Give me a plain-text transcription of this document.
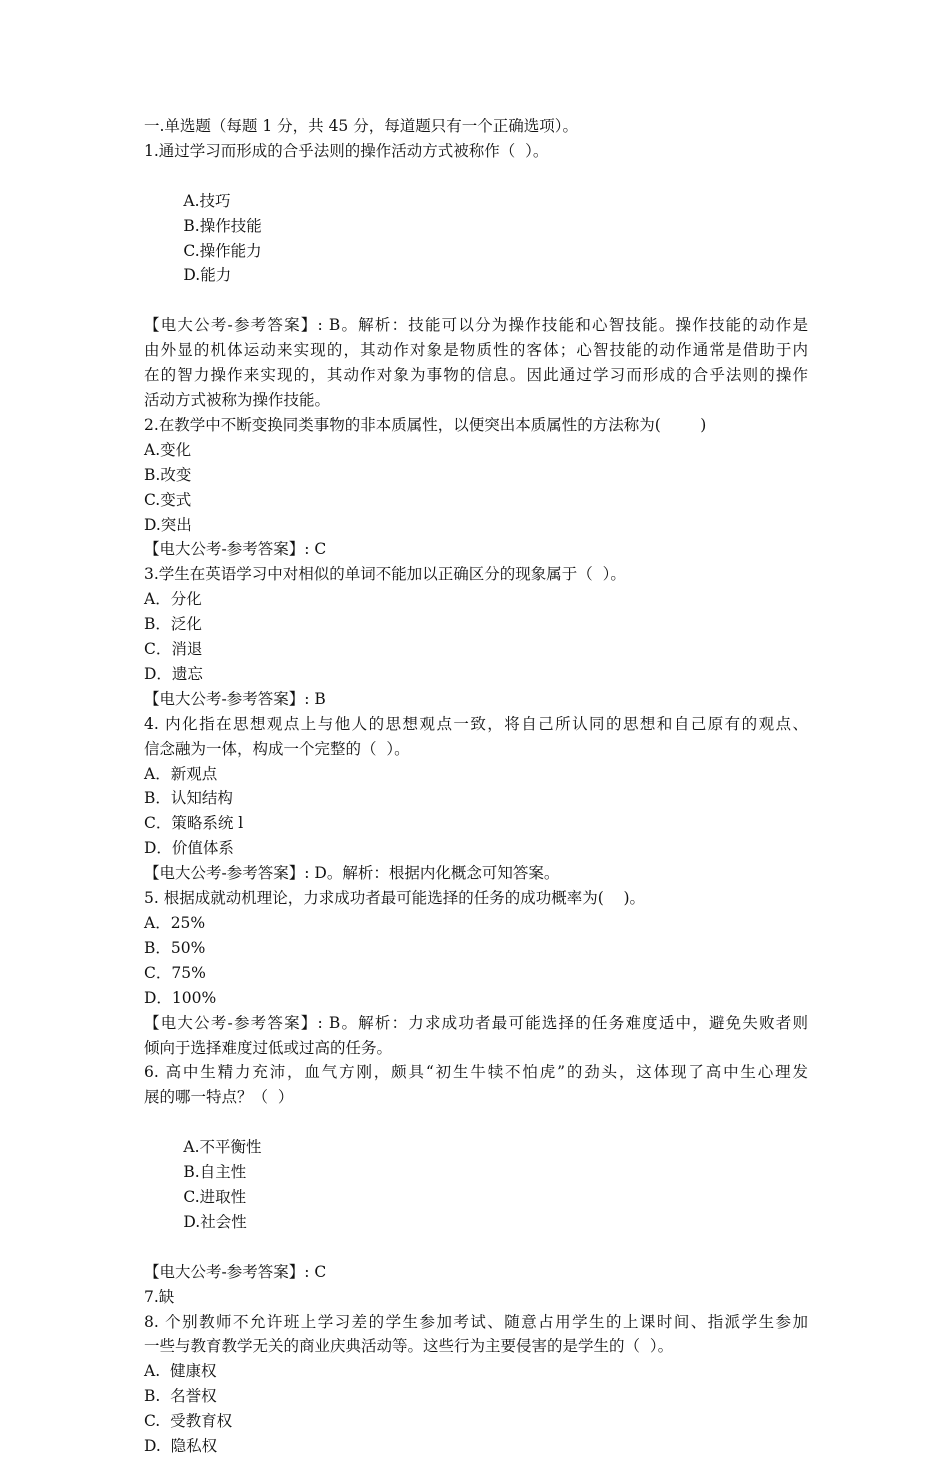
一.单选题（每题 1 分，共 45 分，每道题只有一个正确选项）。
1.通过学习而形成的合乎法则的操作活动方式被称作（  ）。

A.技巧
B.操作技能
C.操作能力
D.能力

【电大公考-参考答案】: B。解析：技能可以分为操作技能和心智技能。操作技能的动作是
由外显的机体运动来实现的，其动作对象是物质性的客体；心智技能的动作通常是借助于内
在的智力操作来实现的，其动作对象为事物的信息。因此通过学习而形成的合乎法则的操作
活动方式被称为操作技能。
2.在教学中不断变换同类事物的非本质属性，以便突出本质属性的方法称为(        )
A.变化
B.改变
C.变式
D.突出
【电大公考-参考答案】: C
3.学生在英语学习中对相似的单词不能加以正确区分的现象属于（  ）。
A．分化
B．泛化
C．消退
D．遗忘
【电大公考-参考答案】: B
4. 内化指在思想观点上与他人的思想观点一致，将自己所认同的思想和自己原有的观点、
信念融为一体，构成一个完整的（  ）。
A．新观点
B．认知结构
C．策略系统 l
D．价值体系
【电大公考-参考答案】: D。解析：根据内化概念可知答案。
5. 根据成就动机理论，力求成功者最可能选择的任务的成功概率为(    )。
A．25%
B．50%
C．75%
D．100%
【电大公考-参考答案】: B。解析：力求成功者最可能选择的任务难度适中，避免失败者则
倾向于选择难度过低或过高的任务。
6. 高中生精力充沛，血气方刚，颇具“初生牛犊不怕虎”的劲头，这体现了高中生心理发
展的哪一特点？（  ）

A.不平衡性
B.自主性
C.进取性
D.社会性

【电大公考-参考答案】: C
7.缺
8. 个别教师不允许班上学习差的学生参加考试、随意占用学生的上课时间、指派学生参加
一些与教育教学无关的商业庆典活动等。这些行为主要侵害的是学生的（  ）。
A.  健康权
B.  名誉权
C.  受教育权
D.  隐私权
